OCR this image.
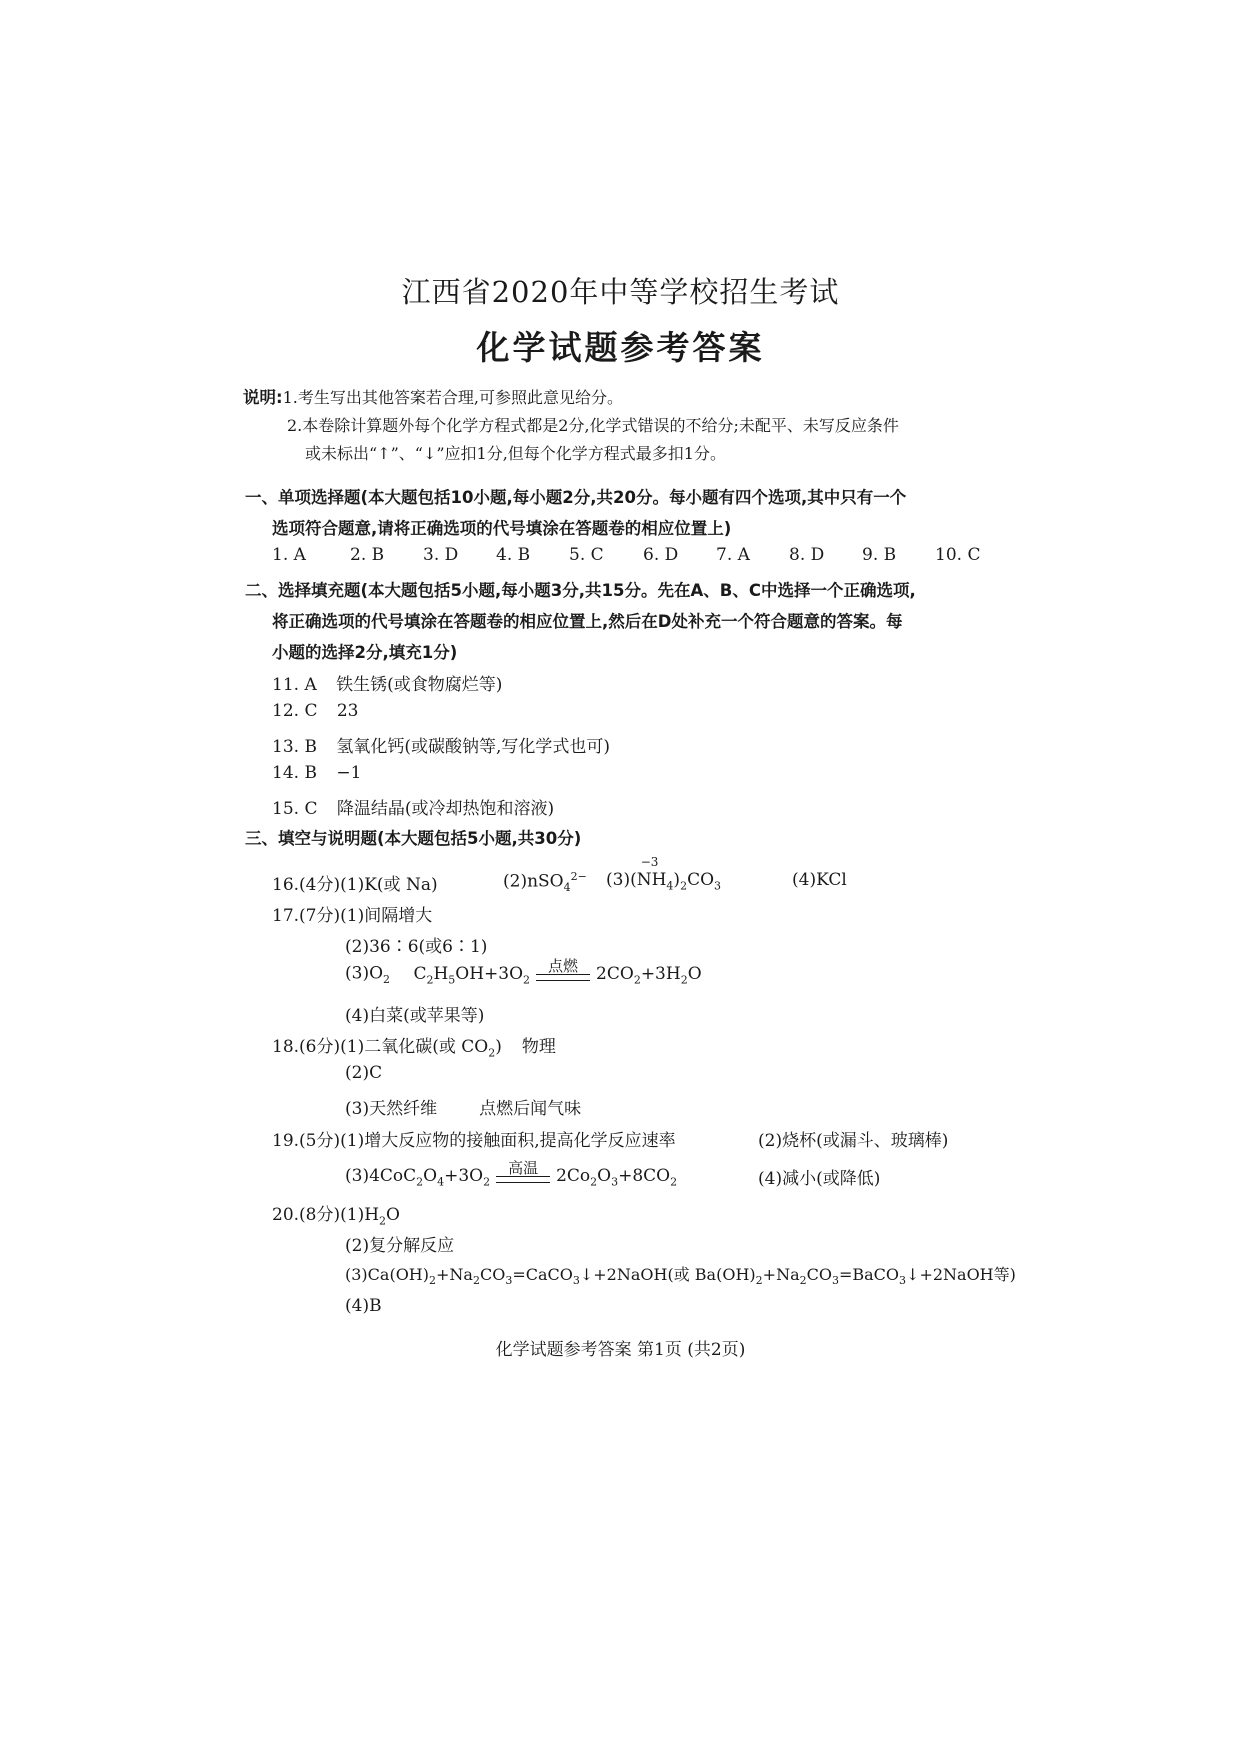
江西省2020年中等学校招生考试
化学试题参考答案
说明:1.考生写出其他答案若合理,可参照此意见给分。
2.本卷除计算题外每个化学方程式都是2分,化学式错误的不给分;未配平、未写反应条件
或未标出“↑”、“↓”应扣1分,但每个化学方程式最多扣1分。
一、单项选择题(本大题包括10小题,每小题2分,共20分。每小题有四个选项,其中只有一个
选项符合题意,请将正确选项的代号填涂在答题卷的相应位置上)
1. A	2. B 3. D 4. B 5. C 6. D 7. A 8. D 9. B 10. C
二、选择填充题(本大题包括5小题,每小题3分,共15分。先在A、B、C中选择一个正确选项,
将正确选项的代号填涂在答题卷的相应位置上,然后在D处补充一个符合题意的答案。每
小题的选择2分,填充1分)
11. A 铁生锈(或食物腐烂等)
12. C 23
13. B 氢氧化钙(或碳酸钠等,写化学式也可)
14. B −1
15. C 降温结晶(或冷却热饱和溶液)
三、填空与说明题(本大题包括5小题,共30分)
16.(4分)(1)K(或 Na)	(2)nSO$_4^{2-}$ (3)(
−3
$NH_4)_2CO_3$	(4)KCl
17.(7分)(1)间隔增大
(2)36∶6(或6∶1)
$(3)O_2$ $C_2H_5OH+3O_2$
点燃	$2CO_2+3H_2O$
(4)白菜(或苹果等)
18.(6分)(1)二氧化碳(或 $CO_2$) 物理
(2)C
(3)天然纤维 点燃后闻气味
19.(5分)(1)增大反应物的接触面积,提高化学反应速率	(2)烧杯(或漏斗、玻璃棒)
$(3)4CoC_2O_4+3O_2$
高温	$2Co_2O_3+8CO_2$	(4)减小(或降低)
20.(8分)$(1)H_2O$
(2)复分解反应
$(3)Ca(OH)_2+Na_2CO_3=CaCO_3↓+2NaOH$(或 $Ba(OH)_2+Na_2CO_3=BaCO_3↓+2NaOH$等)
(4)B
化学试题参考答案 第1页 (共2页)
